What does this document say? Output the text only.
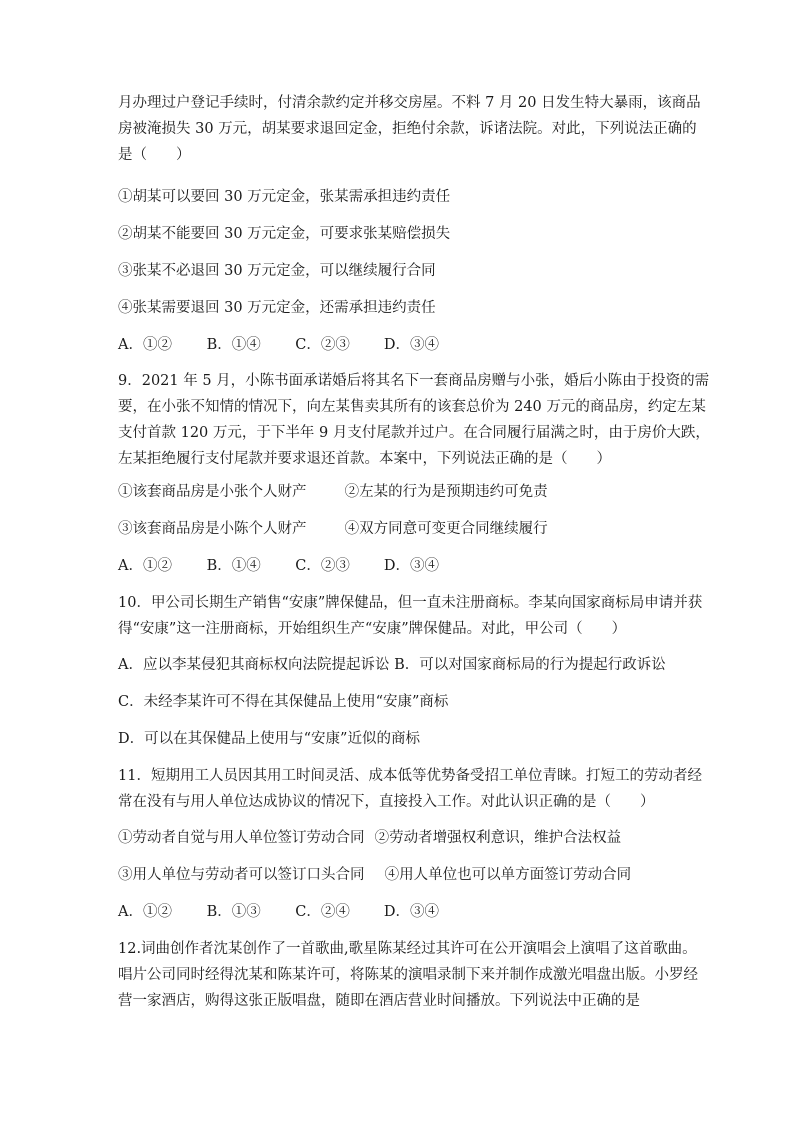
月办理过户登记手续时，付清余款约定并移交房屋。不料 7 月 20 日发生特大暴雨，该商品

房被淹损失 30 万元，胡某要求退回定金，拒绝付余款，诉诸法院。对此，下列说法正确的

是（　　）

①胡某可以要回 30 万元定金，张某需承担违约责任
②胡某不能要回 30 万元定金，可要求张某赔偿损失
③张某不必退回 30 万元定金，可以继续履行合同
④张某需要退回 30 万元定金，还需承担违约责任
A．①② B．①④ C．②③ D．③④

9．2021 年 5 月，小陈书面承诺婚后将其名下一套商品房赠与小张，婚后小陈由于投资的需

要，在小张不知情的情况下，向左某售卖其所有的该套总价为 240 万元的商品房，约定左某

支付首款 120 万元，于下半年 9 月支付尾款并过户。在合同履行届满之时，由于房价大跌，

左某拒绝履行支付尾款并要求退还首款。本案中，下列说法正确的是（　　）

①该套商品房是小张个人财产	②左某的行为是预期违约可免责
③该套商品房是小陈个人财产	④双方同意可变更合同继续履行
A．①② B．①④ C．②③ D．③④

10．甲公司长期生产销售“安康”牌保健品，但一直未注册商标。李某向国家商标局申请并获

得“安康”这一注册商标，开始组织生产“安康”牌保健品。对此，甲公司（　　）

A．应以李某侵犯其商标权向法院提起诉讼 B．可以对国家商标局的行为提起行政诉讼
C．未经李某许可不得在其保健品上使用“安康”商标
D．可以在其保健品上使用与“安康”近似的商标

11．短期用工人员因其用工时间灵活、成本低等优势备受招工单位青睐。打短工的劳动者经

常在没有与用人单位达成协议的情况下，直接投入工作。对此认识正确的是（　　）

①劳动者自觉与用人单位签订劳动合同 ②劳动者增强权利意识，维护合法权益
③用人单位与劳动者可以签订口头合同 ④用人单位也可以单方面签订劳动合同
A．①② B．①③ C．②④ D．③④

12.词曲创作者沈某创作了一首歌曲,歌星陈某经过其许可在公开演唱会上演唱了这首歌曲。

唱片公司同时经得沈某和陈某许可，将陈某的演唱录制下来并制作成激光唱盘出版。小罗经

营一家酒店，购得这张正版唱盘，随即在酒店营业时间播放。下列说法中正确的是
